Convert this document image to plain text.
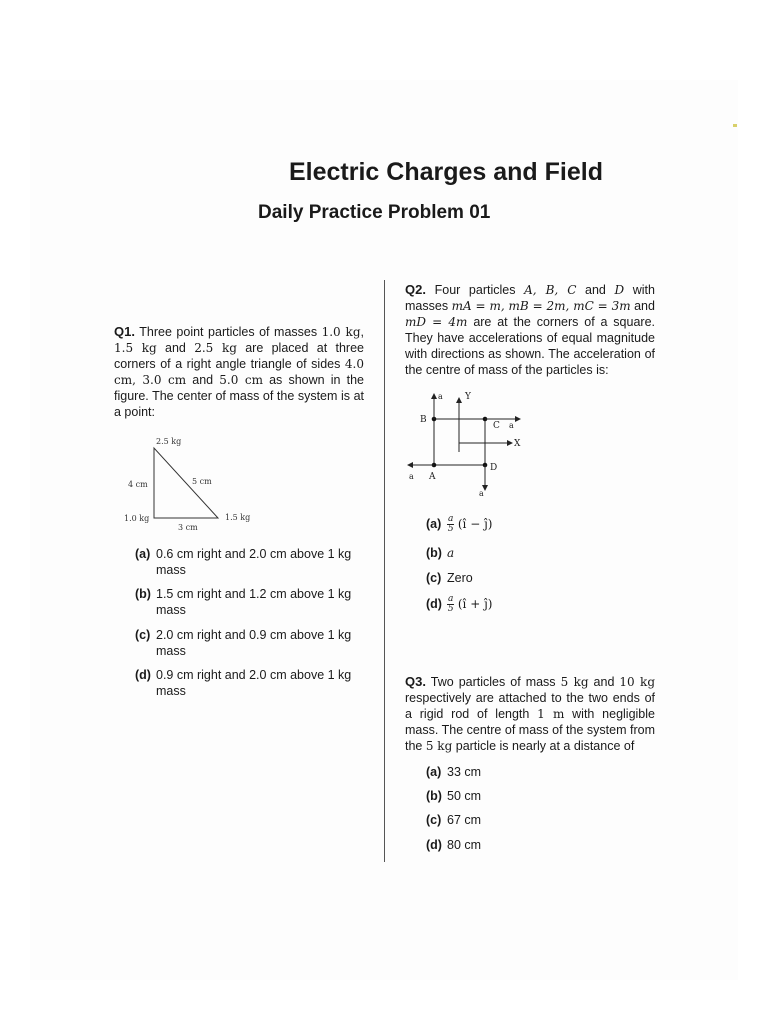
Electric Charges and Field
Daily Practice Problem 01
Q1. Three point particles of masses 1.0 kg, 1.5 kg and 2.5 kg are placed at three corners of a right angle triangle of sides 4.0 cm, 3.0 cm and 5.0 cm as shown in the figure. The center of mass of the system is at a point:
2.5 kg
4 cm	5 cm
1.0 kg	1.5 kg
3 cm
(a) 0.6 cm right and 2.0 cm above 1 kg
mass
(b) 1.5 cm right and 1.2 cm above 1 kg
mass
(c) 2.0 cm right and 0.9 cm above 1 kg
mass
(d) 0.9 cm right and 2.0 cm above 1 kg
mass
Q2. Four particles A, B, C and D with masses mA = m, mB = 2m, mC = 3m and mD = 4m are at the corners of a square. They have accelerations of equal magnitude with directions as shown. The acceleration of the centre of mass of the particles is:
B
C
D
A
X
Y
a
a
a
a
$(a) \frac{a}{5}$ (î − ĵ)
(b) a
(c) Zero
$(d) \frac{a}{5}$ (î + ĵ)
Q3. Two particles of mass 5 kg and 10 kg respectively are attached to the two ends of a rigid rod of length 1 m with negligible mass. The centre of mass of the system from the 5 kg particle is nearly at a distance of
(a) 33 cm
(b) 50 cm
(c) 67 cm
(d) 80 cm
